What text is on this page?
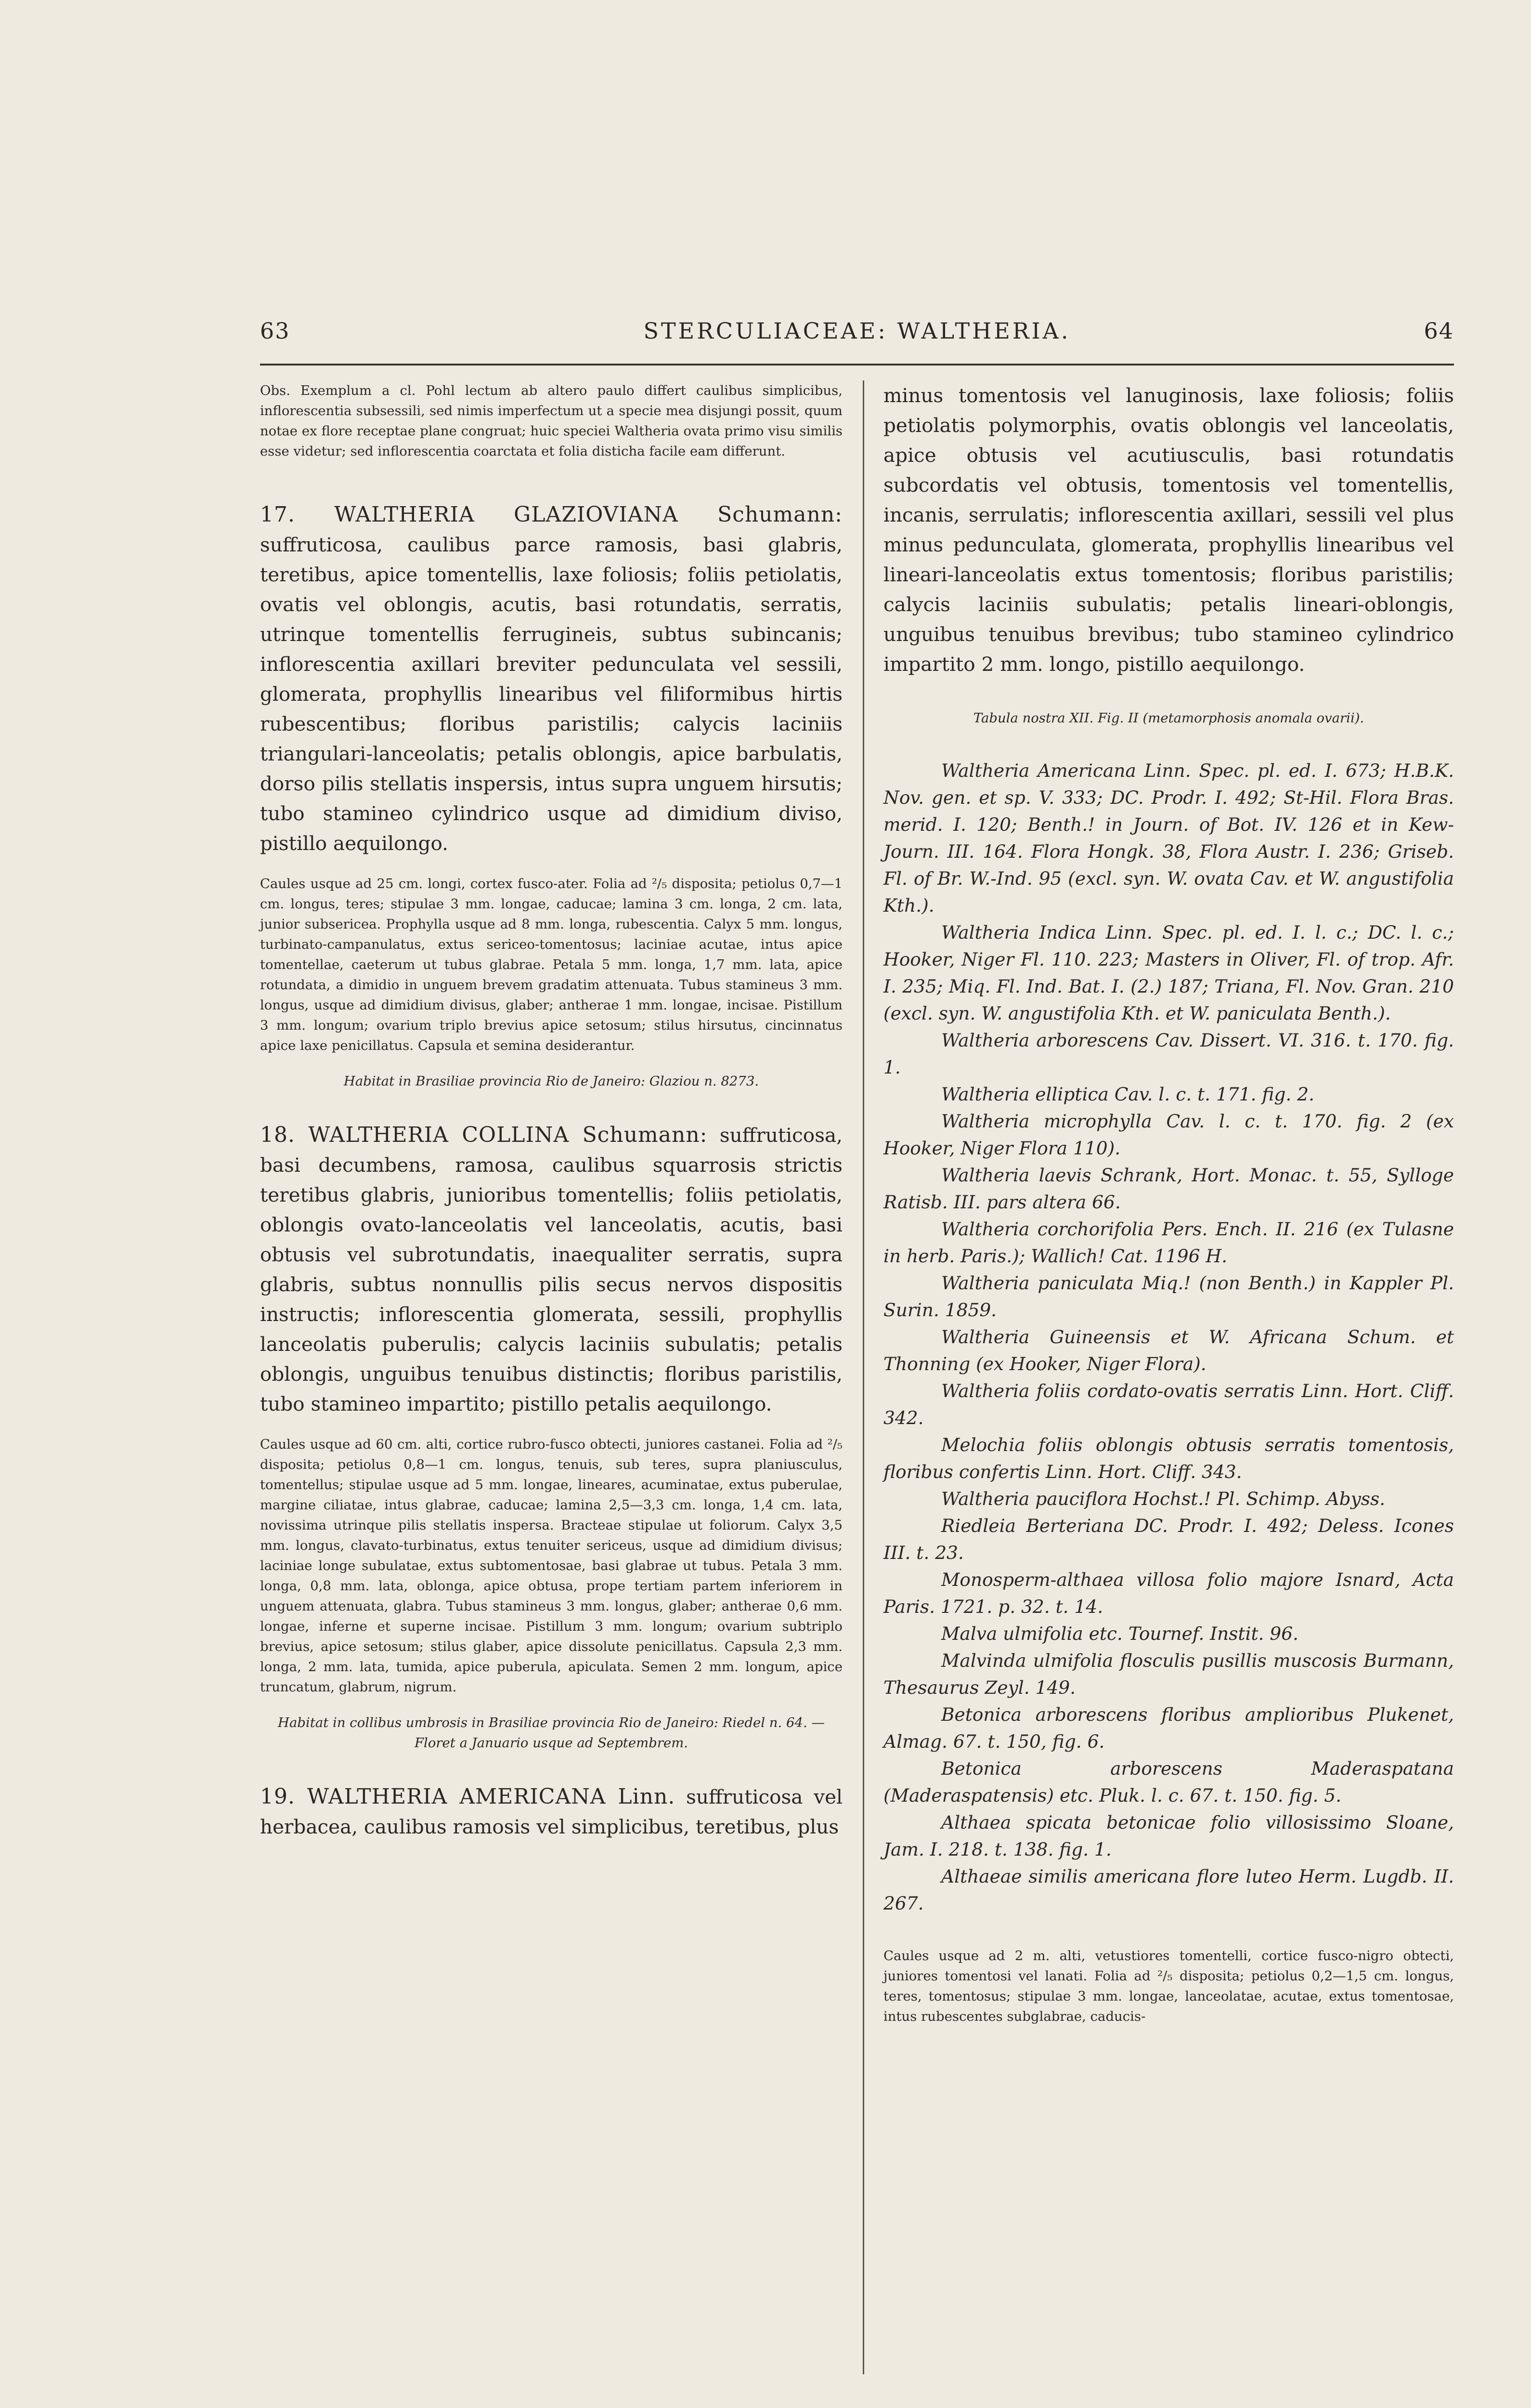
63	STERCULIACEAE: WALTHERIA.	64

Obs. Exemplum a cl. Pohl lectum ab altero paulo differt caulibus simplicibus, inflorescentia subsessili, sed nimis imperfectum ut a specie mea disjungi possit, quum notae ex flore receptae plane congruat; huic speciei Waltheria ovata primo visu similis esse videtur; sed inflorescentia coarctata et folia disticha facile eam differunt.

17. WALTHERIA GLAZIOVIANA Schumann: suffruticosa, caulibus parce ramosis, basi glabris, teretibus, apice tomentellis, laxe foliosis; foliis petiolatis, ovatis vel oblongis, acutis, basi rotundatis, serratis, utrinque tomentellis ferrugineis, subtus subincanis; inflorescentia axillari breviter pedunculata vel sessili, glomerata, prophyllis linearibus vel filiformibus hirtis rubescentibus; floribus paristilis; calycis laciniis triangulari-lanceolatis; petalis oblongis, apice barbulatis, dorso pilis stellatis inspersis, intus supra unguem hirsutis; tubo stamineo cylindrico usque ad dimidium diviso, pistillo aequilongo.

Caules usque ad 25 cm. longi, cortex fusco-ater. Folia ad ²/₅ disposita; petiolus 0,7—1 cm. longus, teres; stipulae 3 mm. longae, caducae; lamina 3 cm. longa, 2 cm. lata, junior subsericea. Prophylla usque ad 8 mm. longa, rubescentia. Calyx 5 mm. longus, turbinato-campanulatus, extus sericeo-tomentosus; laciniae acutae, intus apice tomentellae, caeterum ut tubus glabrae. Petala 5 mm. longa, 1,7 mm. lata, apice rotundata, a dimidio in unguem brevem gradatim attenuata. Tubus stamineus 3 mm. longus, usque ad dimidium divisus, glaber; antherae 1 mm. longae, incisae. Pistillum 3 mm. longum; ovarium triplo brevius apice setosum; stilus hirsutus, cincinnatus apice laxe penicillatus. Capsula et semina desiderantur.

Habitat in Brasiliae provincia Rio de Janeiro: Glaziou n. 8273.

18. WALTHERIA COLLINA Schumann: suffruticosa, basi decumbens, ramosa, caulibus squarrosis strictis teretibus glabris, junioribus tomentellis; foliis petiolatis, oblongis ovato-lanceolatis vel lanceolatis, acutis, basi obtusis vel subrotundatis, inaequaliter serratis, supra glabris, subtus nonnullis pilis secus nervos dispositis instructis; inflorescentia glomerata, sessili, prophyllis lanceolatis puberulis; calycis laciniis subulatis; petalis oblongis, unguibus tenuibus distinctis; floribus paristilis, tubo stamineo impartito; pistillo petalis aequilongo.

Caules usque ad 60 cm. alti, cortice rubro-fusco obtecti, juniores castanei. Folia ad ²/₅ disposita; petiolus 0,8—1 cm. longus, tenuis, sub teres, supra planiusculus, tomentellus; stipulae usque ad 5 mm. longae, lineares, acuminatae, extus puberulae, margine ciliatae, intus glabrae, caducae; lamina 2,5—3,3 cm. longa, 1,4 cm. lata, novissima utrinque pilis stellatis inspersa. Bracteae stipulae ut foliorum. Calyx 3,5 mm. longus, clavato-turbinatus, extus tenuiter sericeus, usque ad dimidium divisus; laciniae longe subulatae, extus subtomentosae, basi glabrae ut tubus. Petala 3 mm. longa, 0,8 mm. lata, oblonga, apice obtusa, prope tertiam partem inferiorem in unguem attenuata, glabra. Tubus stamineus 3 mm. longus, glaber; antherae 0,6 mm. longae, inferne et superne incisae. Pistillum 3 mm. longum; ovarium subtriplo brevius, apice setosum; stilus glaber, apice dissolute penicillatus. Capsula 2,3 mm. longa, 2 mm. lata, tumida, apice puberula, apiculata. Semen 2 mm. longum, apice truncatum, glabrum, nigrum.

Habitat in collibus umbrosis in Brasiliae provincia Rio de Janeiro: Riedel n. 64. — Floret a Januario usque ad Septembrem.

19. WALTHERIA AMERICANA Linn. suffruticosa vel herbacea, caulibus ramosis vel simplicibus, teretibus, plus

minus tomentosis vel lanuginosis, laxe foliosis; foliis petiolatis polymorphis, ovatis oblongis vel lanceolatis, apice obtusis vel acutiusculis, basi rotundatis subcordatis vel obtusis, tomentosis vel tomentellis, incanis, serrulatis; inflorescentia axillari, sessili vel plus minus pedunculata, glomerata, prophyllis linearibus vel lineari-lanceolatis extus tomentosis; floribus paristilis; calycis laciniis subulatis; petalis lineari-oblongis, unguibus tenuibus brevibus; tubo stamineo cylindrico impartito 2 mm. longo, pistillo aequilongo.

Tabula nostra XII. Fig. II (metamorphosis anomala ovarii).

Waltheria Americana Linn. Spec. pl. ed. I. 673; H.B.K. Nov. gen. et sp. V. 333; DC. Prodr. I. 492; St-Hil. Flora Bras. merid. I. 120; Benth.! in Journ. of Bot. IV. 126 et in Kew-Journ. III. 164. Flora Hongk. 38, Flora Austr. I. 236; Griseb. Fl. of Br. W.-Ind. 95 (excl. syn. W. ovata Cav. et W. angustifolia Kth.).

Waltheria Indica Linn. Spec. pl. ed. I. l. c.; DC. l. c.; Hooker, Niger Fl. 110. 223; Masters in Oliver, Fl. of trop. Afr. I. 235; Miq. Fl. Ind. Bat. I. (2.) 187; Triana, Fl. Nov. Gran. 210 (excl. syn. W. angustifolia Kth. et W. paniculata Benth.).

Waltheria arborescens Cav. Dissert. VI. 316. t. 170. fig. 1.

Waltheria elliptica Cav. l. c. t. 171. fig. 2.

Waltheria microphylla Cav. l. c. t. 170. fig. 2 (ex Hooker, Niger Flora 110).

Waltheria laevis Schrank, Hort. Monac. t. 55, Sylloge Ratisb. III. pars altera 66.

Waltheria corchorifolia Pers. Ench. II. 216 (ex Tulasne in herb. Paris.); Wallich! Cat. 1196 H.

Waltheria paniculata Miq.! (non Benth.) in Kappler Pl. Surin. 1859.

Waltheria Guineensis et W. Africana Schum. et Thonning (ex Hooker, Niger Flora).

Waltheria foliis cordato-ovatis serratis Linn. Hort. Cliff. 342.

Melochia foliis oblongis obtusis serratis tomentosis, floribus confertis Linn. Hort. Cliff. 343.

Waltheria pauciflora Hochst.! Pl. Schimp. Abyss.

Riedleia Berteriana DC. Prodr. I. 492; Deless. Icones III. t. 23.

Monosperm-althaea villosa folio majore Isnard, Acta Paris. 1721. p. 32. t. 14.

Malva ulmifolia etc. Tournef. Instit. 96.

Malvinda ulmifolia flosculis pusillis muscosis Burmann, Thesaurus Zeyl. 149.

Betonica arborescens floribus amplioribus Plukenet, Almag. 67. t. 150, fig. 6.

Betonica arborescens Maderaspatana (Maderaspatensis) etc. Pluk. l. c. 67. t. 150. fig. 5.

Althaea spicata betonicae folio villosissimo Sloane, Jam. I. 218. t. 138. fig. 1.

Althaeae similis americana flore luteo Herm. Lugdb. II. 267.

Caules usque ad 2 m. alti, vetustiores tomentelli, cortice fusco-nigro obtecti, juniores tomentosi vel lanati. Folia ad ²/₅ disposita; petiolus 0,2—1,5 cm. longus, teres, tomentosus; stipulae 3 mm. longae, lanceolatae, acutae, extus tomentosae, intus rubescentes subglabrae, caducis-
